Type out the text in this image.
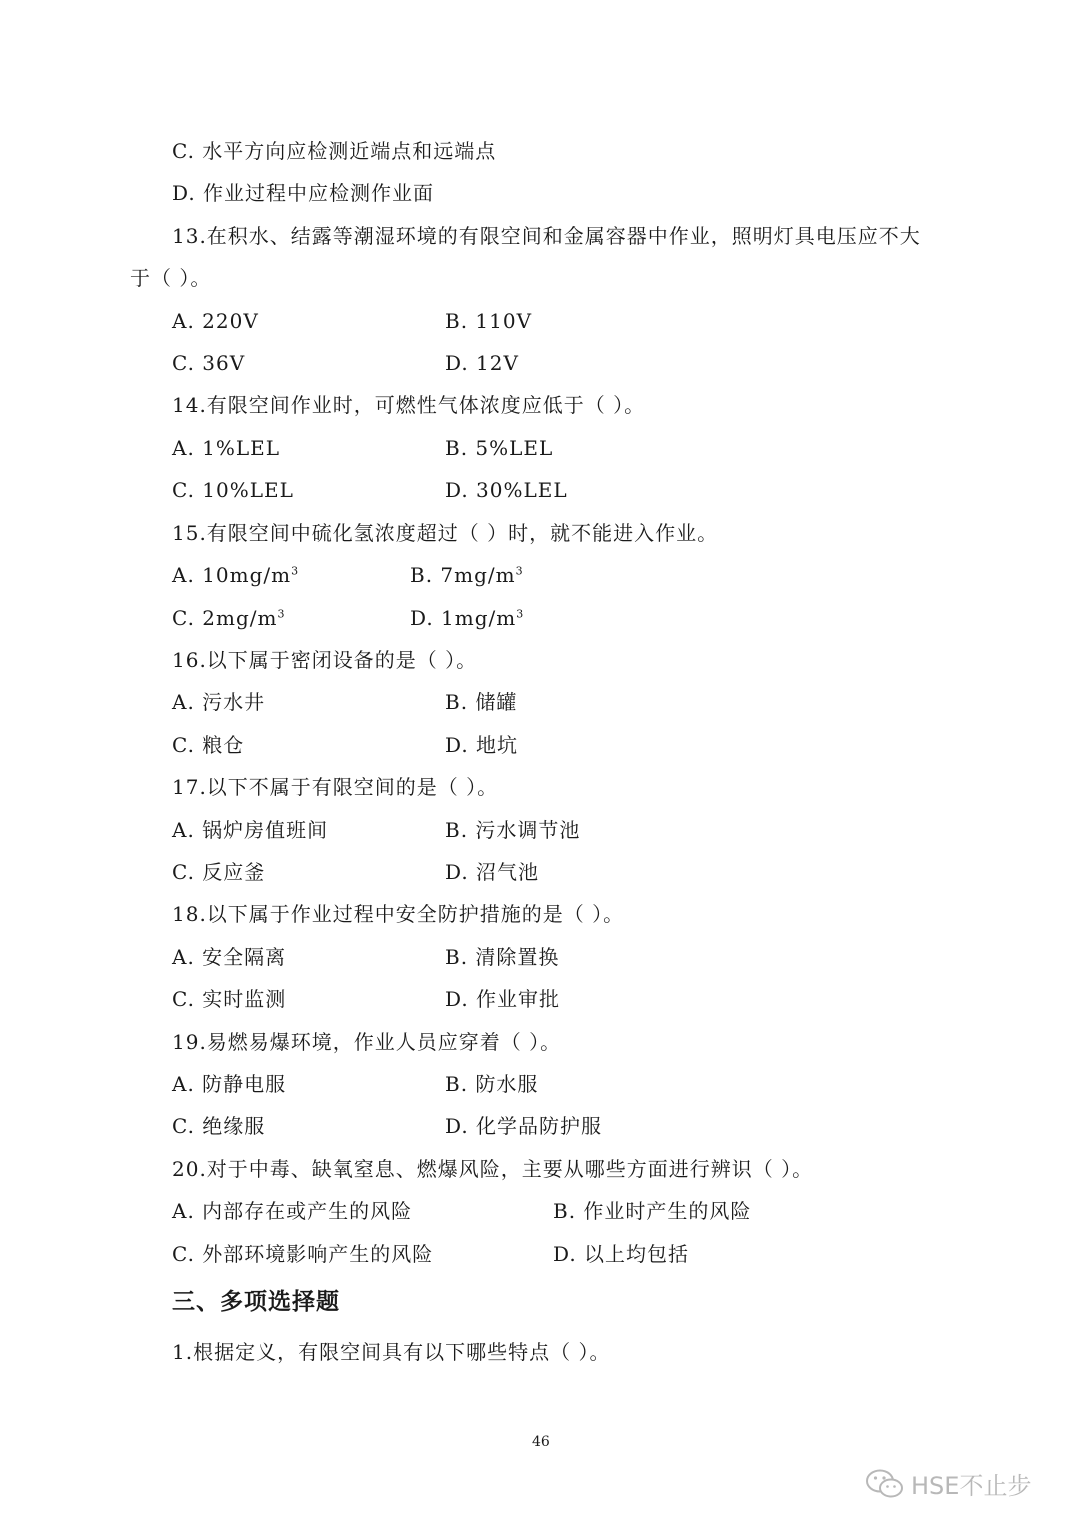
C. 水平方向应检测近端点和远端点
D. 作业过程中应检测作业面
13.在积水、结露等潮湿环境的有限空间和金属容器中作业，照明灯具电压应不大
于（ ）。
A. 220V	B. 110V
C. 36V	D. 12V
14.有限空间作业时，可燃性气体浓度应低于（ ）。
A. 1%LEL	B. 5%LEL
C. 10%LEL	D. 30%LEL
15.有限空间中硫化氢浓度超过（ ）时，就不能进入作业。
A. $10mg/m^3$	B. $7mg/m^3$
C. $2mg/m^3$	D. $1mg/m^3$
16.以下属于密闭设备的是（ ）。
A. 污水井	B. 储罐
C. 粮仓	D. 地坑
17.以下不属于有限空间的是（ ）。
A. 锅炉房值班间	B. 污水调节池
C. 反应釜	D. 沼气池
18.以下属于作业过程中安全防护措施的是（ ）。
A. 安全隔离	B. 清除置换
C. 实时监测	D. 作业审批
19.易燃易爆环境，作业人员应穿着（ ）。
A. 防静电服	B. 防水服
C. 绝缘服	D. 化学品防护服
20.对于中毒、缺氧窒息、燃爆风险，主要从哪些方面进行辨识（ ）。
A. 内部存在或产生的风险	B. 作业时产生的风险
C. 外部环境影响产生的风险	D. 以上均包括
三、多项选择题
1.根据定义，有限空间具有以下哪些特点（ ）。
46
HSE不止步
